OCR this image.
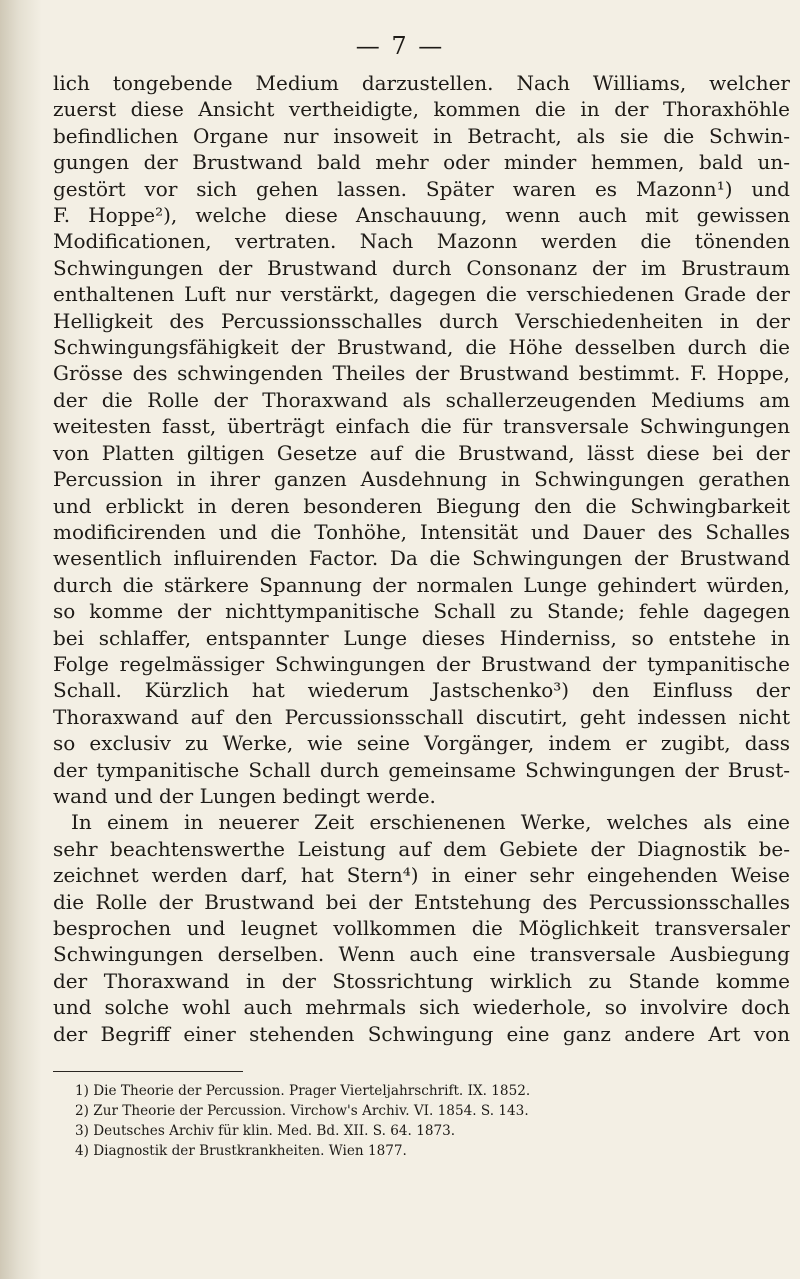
— 7 —
lich tongebende Medium darzustellen. Nach Williams, welcher
zuerst diese Ansicht vertheidigte, kommen die in der Thoraxhöhle
befindlichen Organe nur insoweit in Betracht, als sie die Schwin-
gungen der Brustwand bald mehr oder minder hemmen, bald un-
gestört vor sich gehen lassen. Später waren es Mazonn¹) und
F. Hoppe²), welche diese Anschauung, wenn auch mit gewissen
Modificationen, vertraten. Nach Mazonn werden die tönenden
Schwingungen der Brustwand durch Consonanz der im Brustraum
enthaltenen Luft nur verstärkt, dagegen die verschiedenen Grade der
Helligkeit des Percussionsschalles durch Verschiedenheiten in der
Schwingungsfähigkeit der Brustwand, die Höhe desselben durch die
Grösse des schwingenden Theiles der Brustwand bestimmt. F. Hoppe,
der die Rolle der Thoraxwand als schallerzeugenden Mediums am
weitesten fasst, überträgt einfach die für transversale Schwingungen
von Platten giltigen Gesetze auf die Brustwand, lässt diese bei der
Percussion in ihrer ganzen Ausdehnung in Schwingungen gerathen
und erblickt in deren besonderen Biegung den die Schwingbarkeit
modificirenden und die Tonhöhe, Intensität und Dauer des Schalles
wesentlich influirenden Factor. Da die Schwingungen der Brustwand
durch die stärkere Spannung der normalen Lunge gehindert würden,
so komme der nichttympanitische Schall zu Stande; fehle dagegen
bei schlaffer, entspannter Lunge dieses Hinderniss, so entstehe in
Folge regelmässiger Schwingungen der Brustwand der tympanitische
Schall. Kürzlich hat wiederum Jastschenko³) den Einfluss der
Thoraxwand auf den Percussionsschall discutirt, geht indessen nicht
so exclusiv zu Werke, wie seine Vorgänger, indem er zugibt, dass
der tympanitische Schall durch gemeinsame Schwingungen der Brust-
wand und der Lungen bedingt werde.
In einem in neuerer Zeit erschienenen Werke, welches als eine
sehr beachtenswerthe Leistung auf dem Gebiete der Diagnostik be-
zeichnet werden darf, hat Stern⁴) in einer sehr eingehenden Weise
die Rolle der Brustwand bei der Entstehung des Percussionsschalles
besprochen und leugnet vollkommen die Möglichkeit transversaler
Schwingungen derselben. Wenn auch eine transversale Ausbiegung
der Thoraxwand in der Stossrichtung wirklich zu Stande komme
und solche wohl auch mehrmals sich wiederhole, so involvire doch
der Begriff einer stehenden Schwingung eine ganz andere Art von
1) Die Theorie der Percussion. Prager Vierteljahrschrift. IX. 1852.
2) Zur Theorie der Percussion. Virchow's Archiv. VI. 1854. S. 143.
3) Deutsches Archiv für klin. Med. Bd. XII. S. 64. 1873.
4) Diagnostik der Brustkrankheiten. Wien 1877.
